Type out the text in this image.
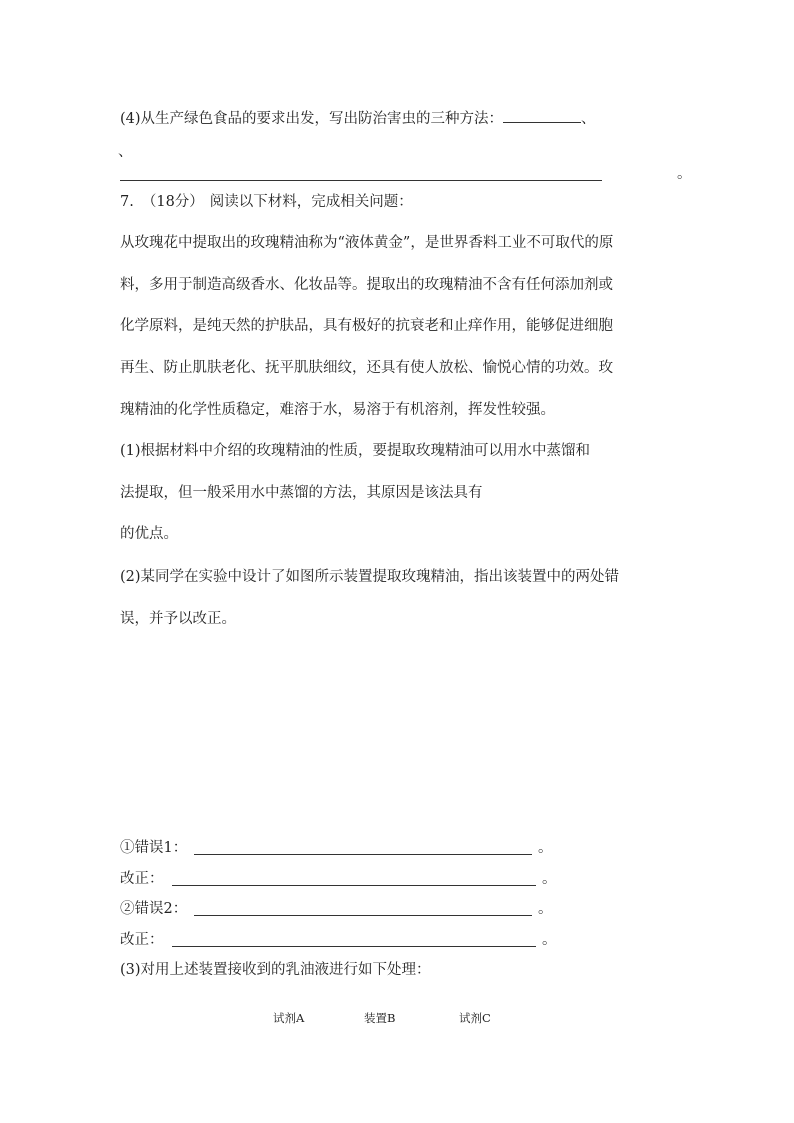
(4)从生产绿色食品的要求出发，写出防治害虫的三种方法：	、
、
。
7. （18分） 阅读以下材料，完成相关问题：
从玫瑰花中提取出的玫瑰精油称为“液体黄金”，是世界香料工业不可取代的原
料，多用于制造高级香水、化妆品等。提取出的玫瑰精油不含有任何添加剂或
化学原料，是纯天然的护肤品，具有极好的抗衰老和止痒作用，能够促进细胞
再生、防止肌肤老化、抚平肌肤细纹，还具有使人放松、愉悦心情的功效。玫
瑰精油的化学性质稳定，难溶于水，易溶于有机溶剂，挥发性较强。
(1)根据材料中介绍的玫瑰精油的性质，要提取玫瑰精油可以用水中蒸馏和
法提取，但一般采用水中蒸馏的方法，其原因是该法具有
的优点。
(2)某同学在实验中设计了如图所示装置提取玫瑰精油，指出该装置中的两处错
误，并予以改正。
①错误1：	。
改正：	。
②错误2：	。
改正：	。
(3)对用上述装置接收到的乳油液进行如下处理：
试剂A	装置B	试剂C
